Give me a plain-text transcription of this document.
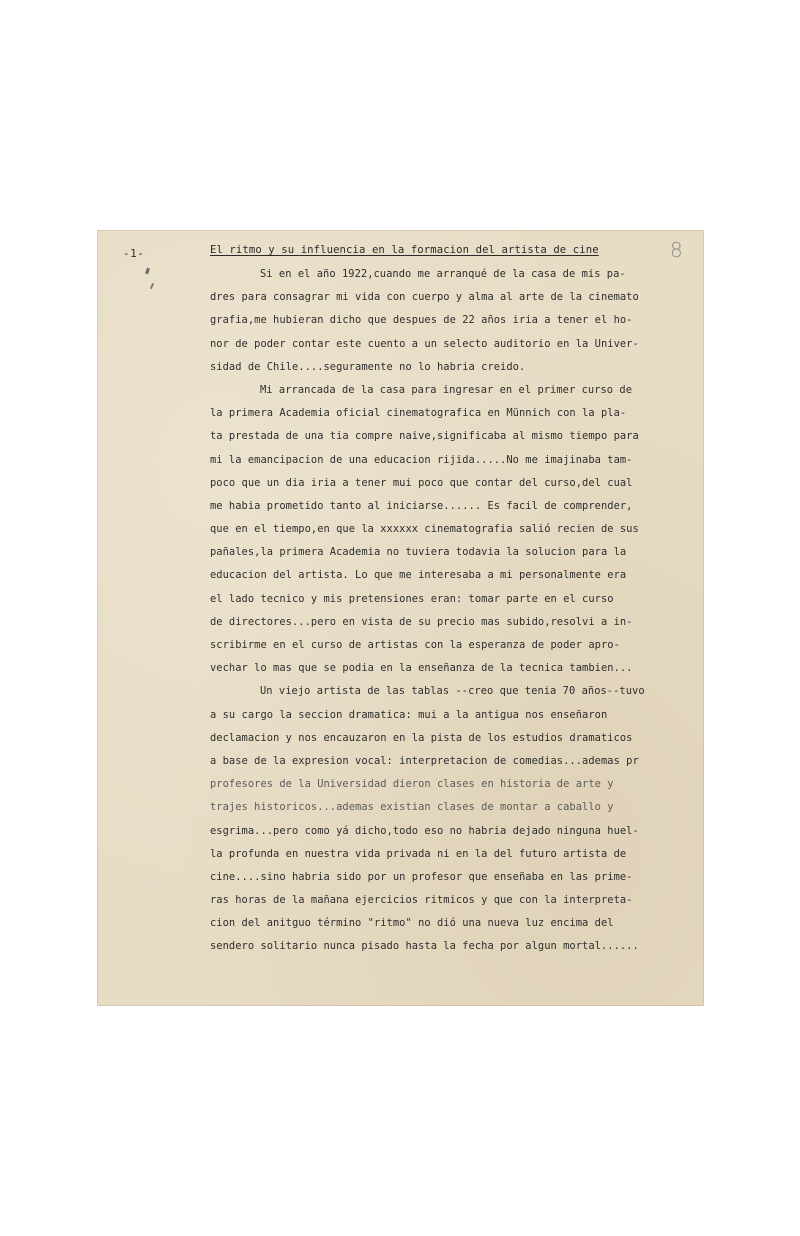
-1-	8
El ritmo y su influencia en la formacion del artista de cine
Si en el año 1922,cuando me arranqué de la casa de mis pa-
dres para consagrar mi vida con cuerpo y alma al arte de la cinemato
grafia,me hubieran dicho que despues de 22 años iria a tener el ho-
nor de poder contar este cuento a un selecto auditorio en la Univer-
sidad de Chile....seguramente no lo habria creido.
Mi arrancada de la casa para ingresar en el primer curso de
la primera Academia oficial cinematografica en Münnich con la pla-
ta prestada de una tia compre naive,significaba al mismo tiempo para
mi la emancipacion de una educacion rijida.....No me imajinaba tam-
poco que un dia iria a tener mui poco que contar del curso,del cual
me habia prometido tanto al iniciarse...... Es facil de comprender,
que en el tiempo,en que la xxxxxx cinematografia salió recien de sus
pañales,la primera Academia no tuviera todavia la solucion para la
educacion del artista. Lo que me interesaba a mi personalmente era
el lado tecnico y mis pretensiones eran: tomar parte en el curso
de directores...pero en vista de su precio mas subido,resolvi a in-
scribirme en el curso de artistas con la esperanza de poder apro-
vechar lo mas que se podia en la enseñanza de la tecnica tambien...
Un viejo artista de las tablas --creo que tenia 70 años--tuvo
a su cargo la seccion dramatica: mui a la antigua nos enseñaron
declamacion y nos encauzaron en la pista de los estudios dramaticos
a base de la expresion vocal: interpretacion de comedias...ademas pr
profesores de la Universidad dieron clases en historia de arte y
trajes historicos...ademas existian clases de montar a caballo y
esgrima...pero como yá dicho,todo eso no habria dejado ninguna huel-
la profunda en nuestra vida privada ni en la del futuro artista de
cine....sino habria sido por un profesor que enseñaba en las prime-
ras horas de la mañana ejercicios ritmicos y que con la interpreta-
cion del anitguo término "ritmo" no dió una nueva luz encima del
sendero solitario nunca pisado hasta la fecha por algun mortal......
